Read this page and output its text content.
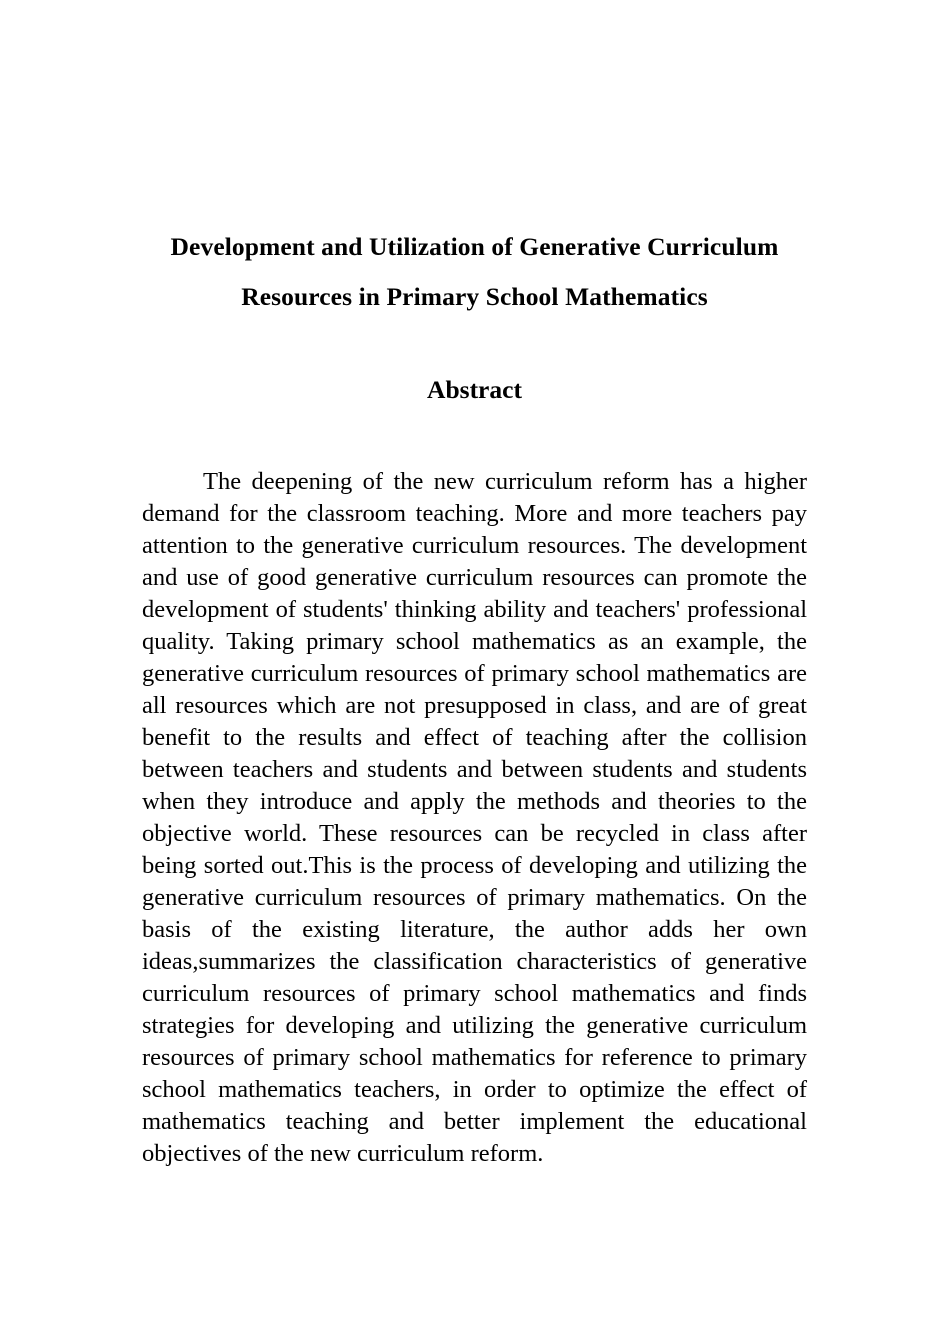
Development and Utilization of Generative Curriculum
Resources in Primary School Mathematics
Abstract

The deepening of the new curriculum reform has a higher demand for the classroom teaching. More and more teachers pay attention to the generative curriculum resources. The development and use of good generative curriculum resources can promote the development of students' thinking ability and teachers' professional quality. Taking primary school mathematics as an example, the generative curriculum resources of primary school mathematics are all resources which are not presupposed in class, and are of great benefit to the results and effect of teaching after the collision between teachers and students and between students and students when they introduce and apply the methods and theories to the objective world. These resources can be recycled in class after being sorted out.This is the process of developing and utilizing the generative curriculum resources of primary mathematics. On the basis of the existing literature, the author adds her own ideas,summarizes the classification characteristics of generative curriculum resources of primary school mathematics and finds strategies for developing and utilizing the generative curriculum resources of primary school mathematics for reference to primary school mathematics teachers, in order to optimize the effect of mathematics teaching and better implement the educational objectives of the new curriculum reform.
